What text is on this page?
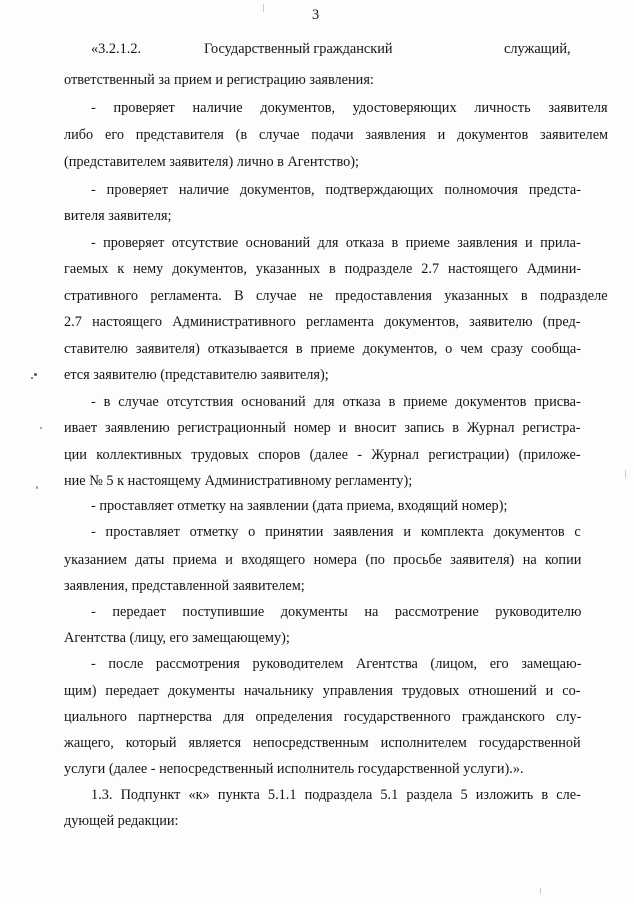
3
«3.2.1.2.	Государственный гражданский	служащий,
ответственный за прием и регистрацию заявления:
- проверяет наличие документов, удостоверяющих личность заявителя
либо его представителя (в случае подачи заявления и документов заявителем
(представителем заявителя) лично в Агентство);
- проверяет наличие документов, подтверждающих полномочия предста-
вителя заявителя;
- проверяет отсутствие оснований для отказа в приеме заявления и прила-
гаемых к нему документов, указанных в подразделе 2.7 настоящего Админи-
стративного регламента. В случае не предоставления указанных в подразделе
2.7 настоящего Административного регламента документов, заявителю (пред-
ставителю заявителя) отказывается в приеме документов, о чем сразу сообща-
ется заявителю (представителю заявителя);
- в случае отсутствия оснований для отказа в приеме документов присва-
ивает заявлению регистрационный номер и вносит запись в Журнал регистра-
ции коллективных трудовых споров (далее - Журнал регистрации) (приложе-
ние № 5 к настоящему Административному регламенту);
- проставляет отметку на заявлении (дата приема, входящий номер);
- проставляет отметку о принятии заявления и комплекта документов с
указанием даты приема и входящего номера (по просьбе заявителя) на копии
заявления, представленной заявителем;
- передает поступившие документы на рассмотрение руководителю
Агентства (лицу, его замещающему);
- после рассмотрения руководителем Агентства (лицом, его замещаю-
щим) передает документы начальнику управления трудовых отношений и со-
циального партнерства для определения государственного гражданского слу-
жащего, который является непосредственным исполнителем государственной
услуги (далее - непосредственный исполнитель государственной услуги).».
1.3. Подпункт «к» пункта 5.1.1 подраздела 5.1 раздела 5 изложить в сле-
дующей редакции:
